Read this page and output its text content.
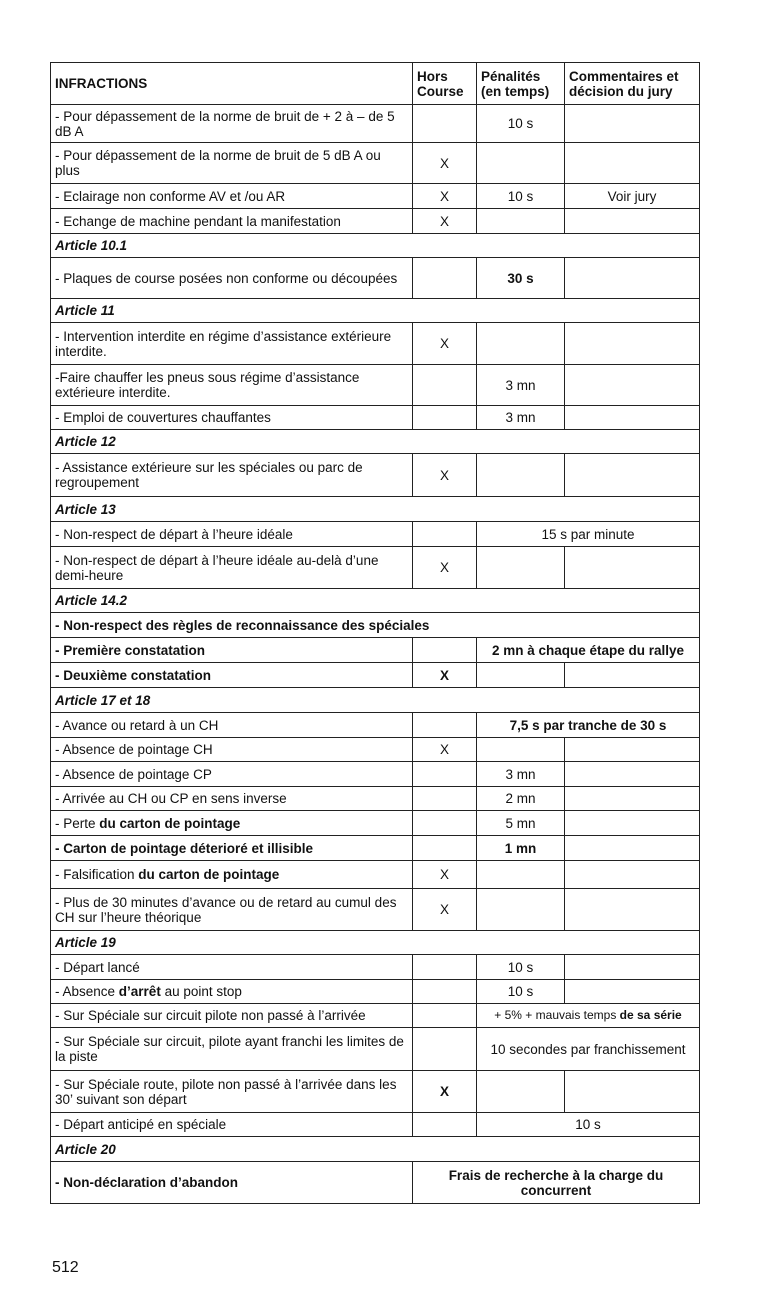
INFRACTIONS	Hors Course	Pénalités (en temps)	Commentaires et décision du jury
- Pour dépassement de la norme de bruit de + 2 à – de 5 dB A		10 s	
- Pour dépassement de la norme de bruit de 5 dB A ou plus	X		
- Eclairage non conforme AV et /ou AR	X	10 s	Voir jury
- Echange de machine pendant la manifestation	X		
Article 10.1			
- Plaques de course posées non conforme ou découpées		30 s	
Article 11			
- Intervention interdite en régime d’assistance extérieure interdite.	X		
-Faire chauffer les pneus sous régime d’assistance extérieure interdite.		3 mn	
- Emploi de couvertures chauffantes		3 mn	
Article 12			
- Assistance extérieure sur les spéciales ou parc de regroupement	X		
Article 13			
- Non-respect de départ à l’heure idéale		15 s par minute	
- Non-respect de départ à l’heure idéale au-delà d’une demi-heure	X		
Article 14.2			
- Non-respect des règles de reconnaissance des spéciales			
- Première constatation		2 mn à chaque étape du rallye	
- Deuxième constatation	X		
Article 17 et 18			
- Avance ou retard à un CH		7,5 s par tranche de 30 s	
- Absence de pointage CH	X		
- Absence de pointage CP		3 mn	
- Arrivée au CH ou CP en sens inverse		2 mn	
- Perte du carton de pointage		5 mn	
- Carton de pointage déterioré et illisible		1 mn	
- Falsification du carton de pointage	X		
- Plus de 30 minutes d’avance ou de retard au cumul des CH sur l’heure théorique	X		
Article 19			
- Départ lancé		10 s	
- Absence d’arrêt au point stop		10 s	
- Sur Spéciale sur circuit pilote non passé à l’arrivée		+ 5% + mauvais temps de sa série	
- Sur Spéciale sur circuit, pilote ayant franchi les limites de la piste		10 secondes par franchissement	
- Sur Spéciale route, pilote non passé à l’arrivée dans les 30’ suivant son départ	X		
- Départ anticipé en spéciale		10 s	
Article 20			
- Non-déclaration d’abandon	Frais de recherche à la charge du concurrent		
512
